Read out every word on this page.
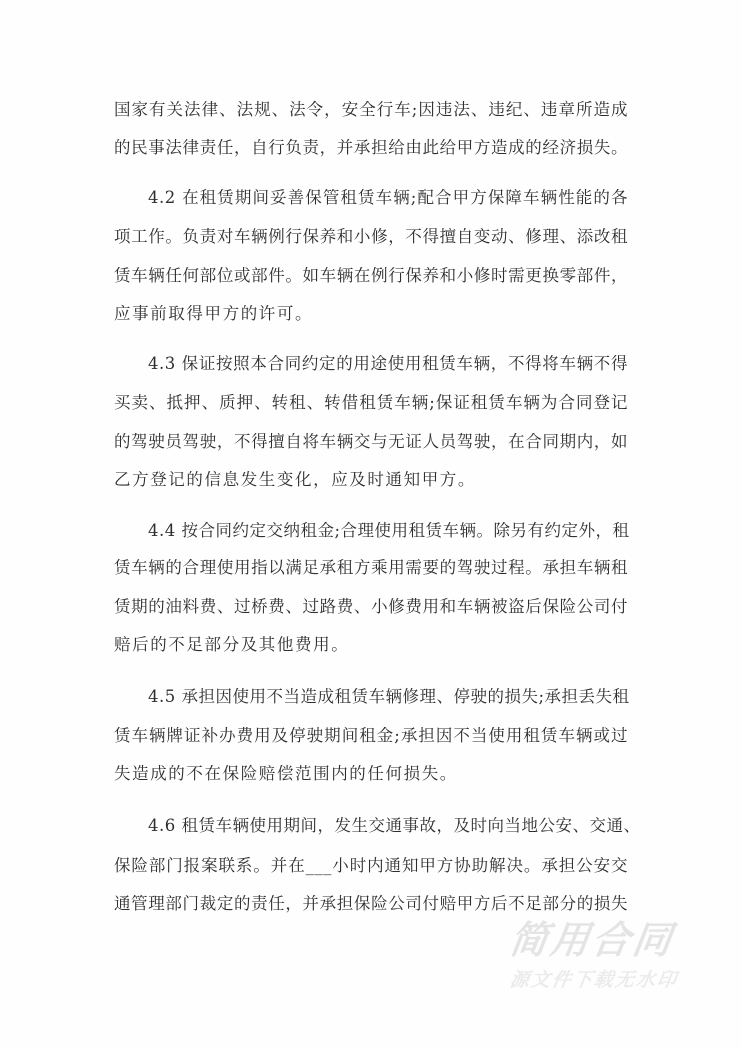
国家有关法律、法规、法令，安全行车;因违法、违纪、违章所造成
的民事法律责任，自行负责，并承担给由此给甲方造成的经济损失。
4.2 在租赁期间妥善保管租赁车辆;配合甲方保障车辆性能的各
项工作。负责对车辆例行保养和小修，不得擅自变动、修理、添改租
赁车辆任何部位或部件。如车辆在例行保养和小修时需更换零部件，
应事前取得甲方的许可。
4.3 保证按照本合同约定的用途使用租赁车辆，不得将车辆不得
买卖、抵押、质押、转租、转借租赁车辆;保证租赁车辆为合同登记
的驾驶员驾驶，不得擅自将车辆交与无证人员驾驶，在合同期内，如
乙方登记的信息发生变化，应及时通知甲方。
4.4 按合同约定交纳租金;合理使用租赁车辆。除另有约定外，租
赁车辆的合理使用指以满足承租方乘用需要的驾驶过程。承担车辆租
赁期的油料费、过桥费、过路费、小修费用和车辆被盗后保险公司付
赔后的不足部分及其他费用。
4.5 承担因使用不当造成租赁车辆修理、停驶的损失;承担丢失租
赁车辆牌证补办费用及停驶期间租金;承担因不当使用租赁车辆或过
失造成的不在保险赔偿范围内的任何损失。
4.6 租赁车辆使用期间，发生交通事故，及时向当地公安、交通、
保险部门报案联系。并在___小时内通知甲方协助解决。承担公安交
通管理部门裁定的责任，并承担保险公司付赔甲方后不足部分的损失
简用合同
源文件下载无水印
